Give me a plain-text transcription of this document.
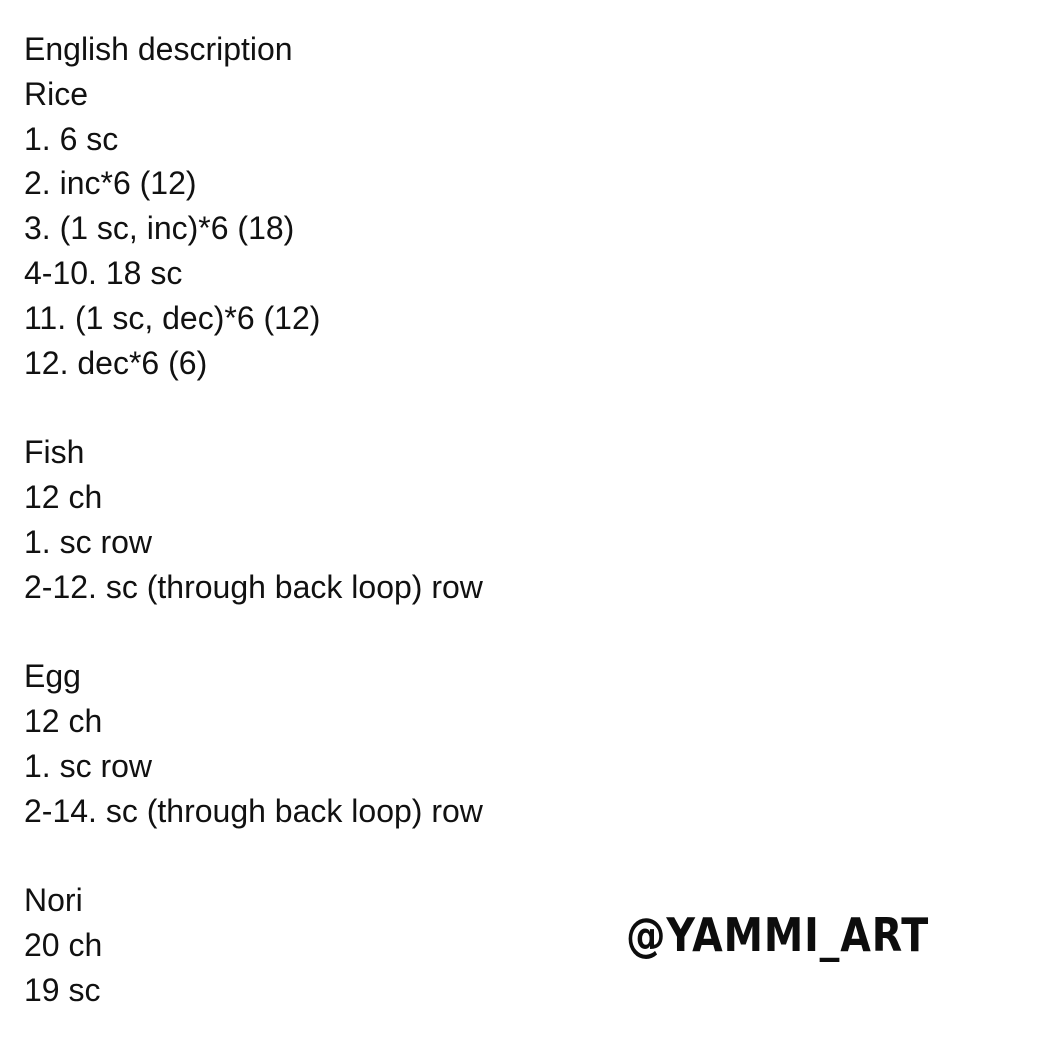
English description
Rice
1. 6 sc
2. inc*6 (12)
3. (1 sc, inc)*6 (18)
4-10. 18 sc
11. (1 sc, dec)*6 (12)
12. dec*6 (6)
Fish
12 ch
1. sc row
2-12. sc (through back loop) row
Egg
12 ch
1. sc row
2-14. sc (through back loop) row
Nori
20 ch
19 sc
@YAMMI_ART
